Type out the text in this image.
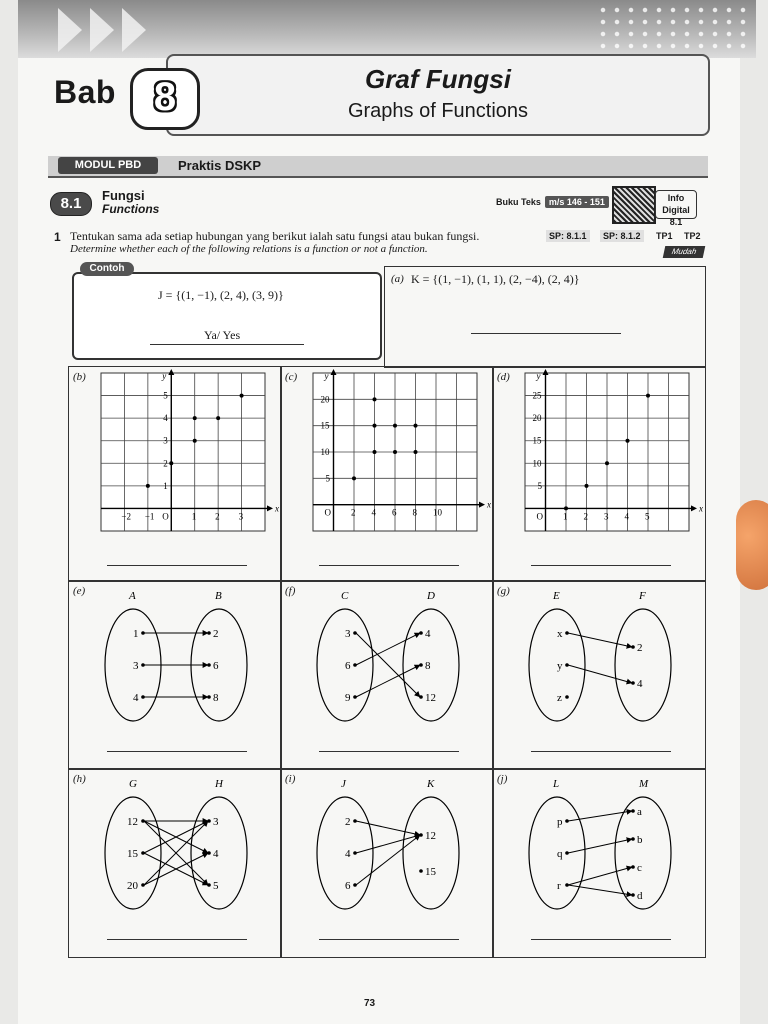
Bab	Graf Fungsi
Graphs of Functions
8
MODUL PBD	Praktis DSKP
8.1	Fungsi
Functions	Buku Teks m/s 146 - 151	Info
Digital 8.1
1 Tentukan sama ada setiap hubungan yang berikut ialah satu fungsi atau bukan fungsi.
Determine whether each of the following relations is a function or not a function.
SP: 8.1.1	SP: 8.1.2	TP1 TP2
Mudah
J = {(1, −1), (2, 4), (3, 9)}
Ya/ Yes
Contoh
(a) K = {(1, −1), (1, 1), (2, −4), (2, 4)}
(b)
x
y
−2 −1 O	1 2 3
1
2
3
4
5
(c)
x
y
O 2 4 6 8 10
5
10
15
20
(d)
x
y
O 1 2 3 4 5
5
10
15
20
25
(e)	A	B
1
3
4
2
6
8
(f)	C	D
3
6
9
4
8
12
(g)	E	F
x
y
z
2
4
(h)	G	H
12
15
20
3
4
5
(i)	J	K
2
4
6
12
15
(j)	L	M
p
q
r
a
b
c
d
73
